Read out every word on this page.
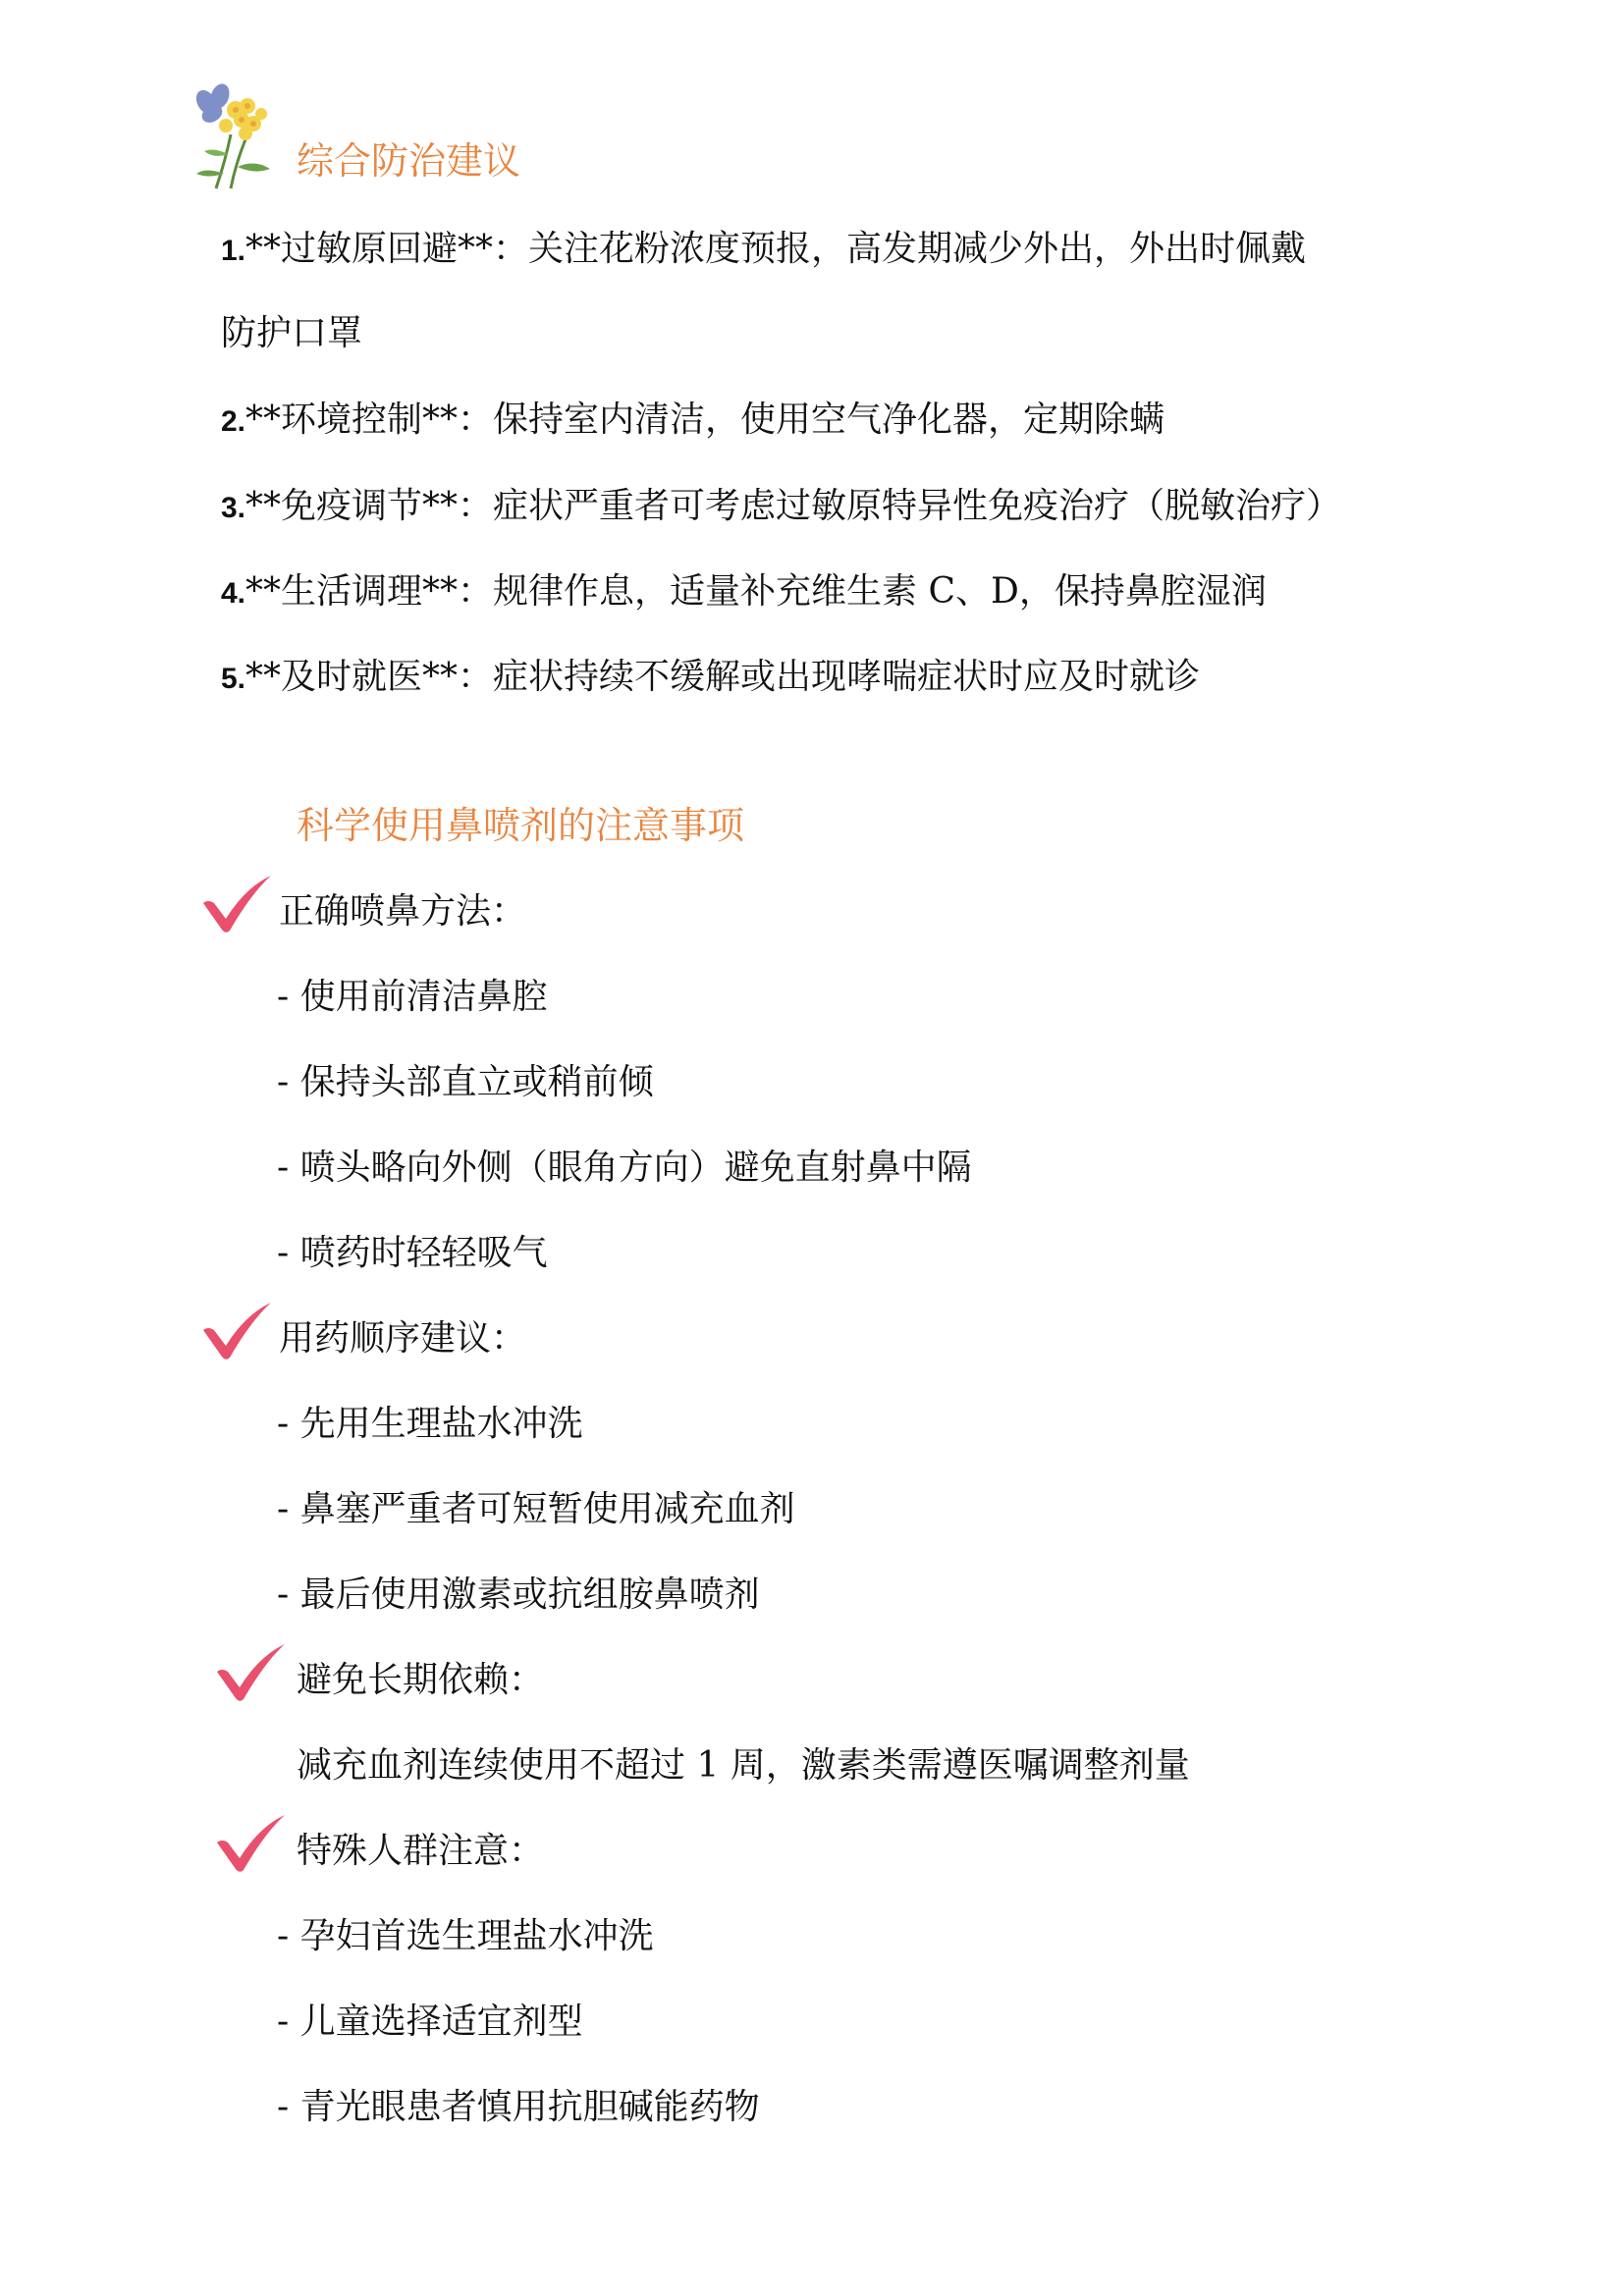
综合防治建议
1.**过敏原回避**：关注花粉浓度预报，高发期减少外出，外出时佩戴
防护口罩
2.**环境控制**：保持室内清洁，使用空气净化器，定期除螨
3.**免疫调节**：症状严重者可考虑过敏原特异性免疫治疗（脱敏治疗）
4.**生活调理**：规律作息，适量补充维生素 C、D，保持鼻腔湿润
5.**及时就医**：症状持续不缓解或出现哮喘症状时应及时就诊
科学使用鼻喷剂的注意事项
正确喷鼻方法：
- 使用前清洁鼻腔
- 保持头部直立或稍前倾
- 喷头略向外侧（眼角方向）避免直射鼻中隔
- 喷药时轻轻吸气
用药顺序建议：
- 先用生理盐水冲洗
- 鼻塞严重者可短暂使用减充血剂
- 最后使用激素或抗组胺鼻喷剂
避免长期依赖：
减充血剂连续使用不超过 1 周，激素类需遵医嘱调整剂量
特殊人群注意：
- 孕妇首选生理盐水冲洗
- 儿童选择适宜剂型
- 青光眼患者慎用抗胆碱能药物
